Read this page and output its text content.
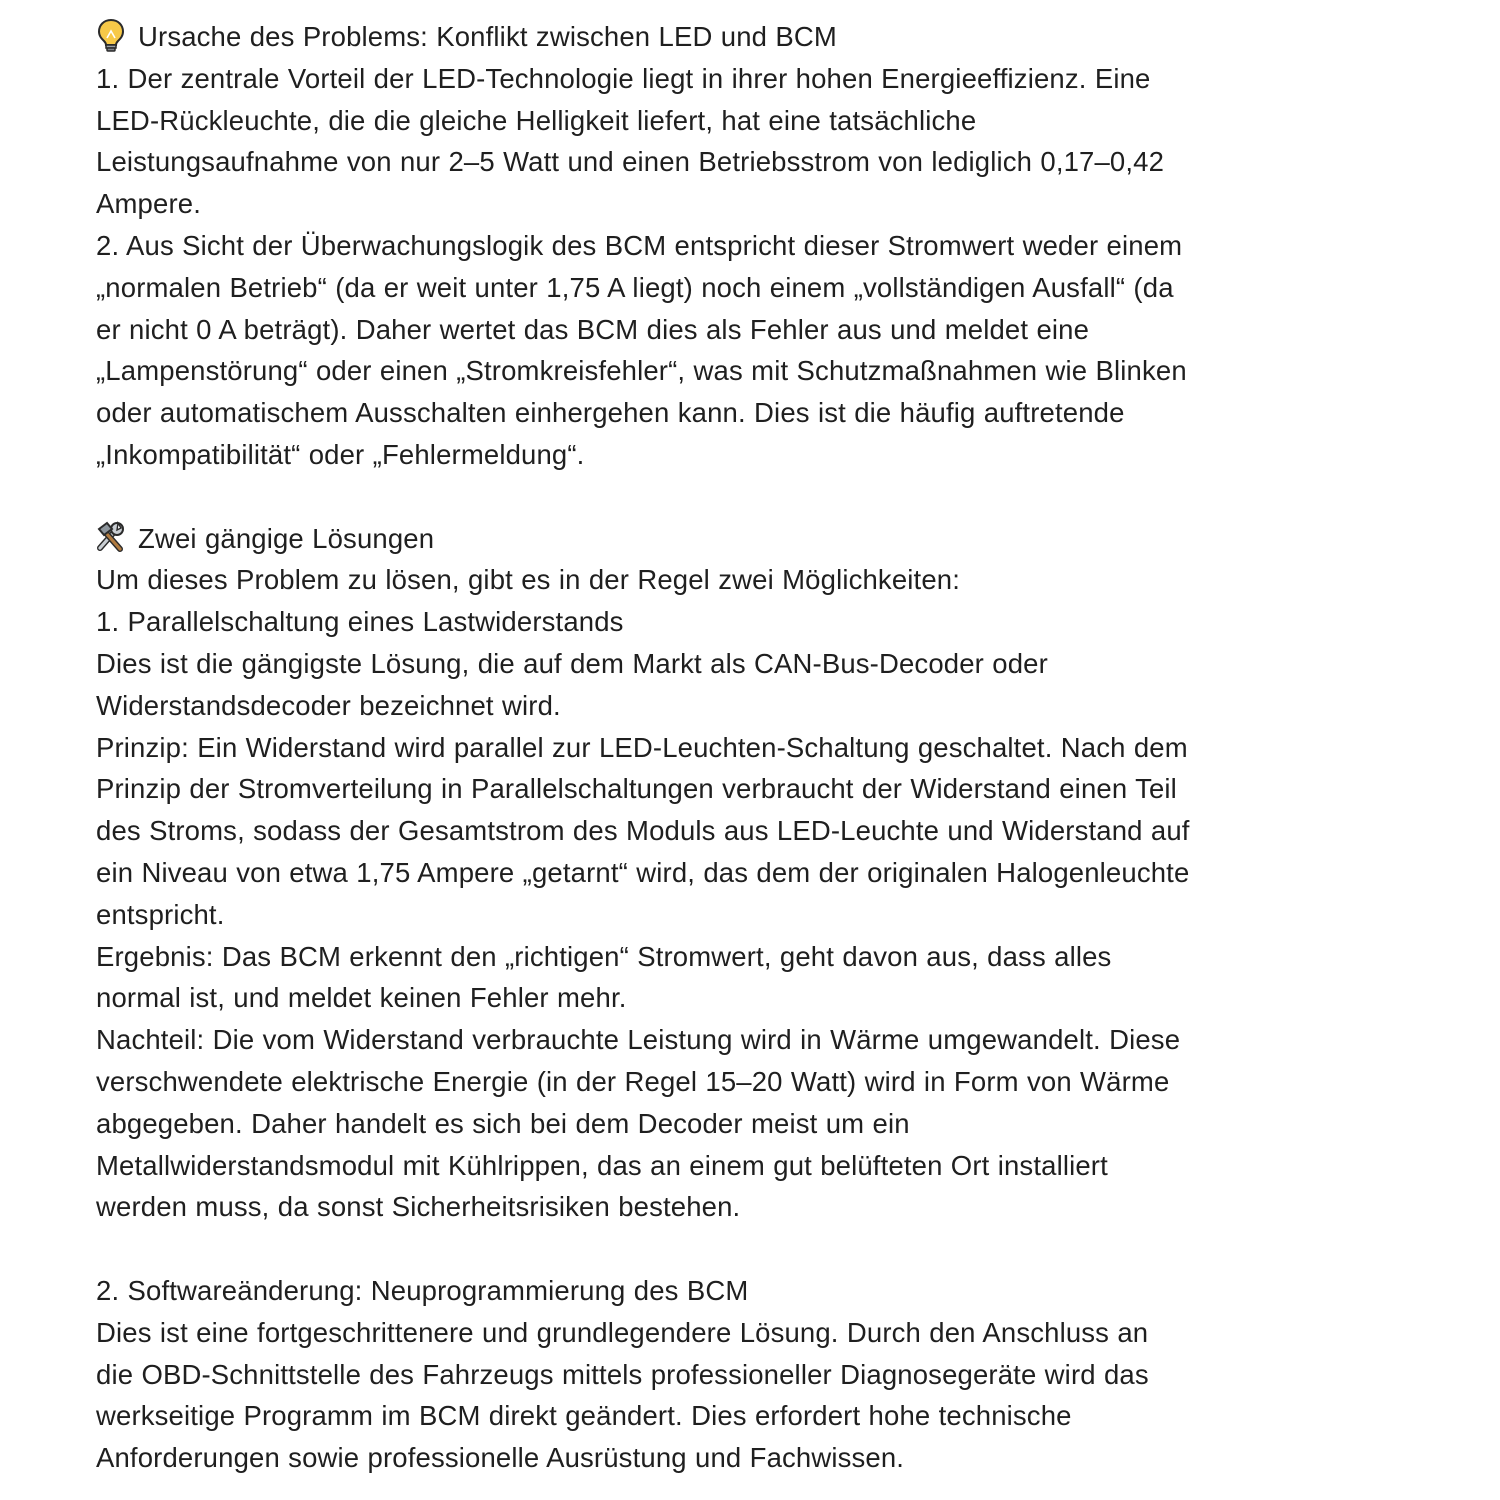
Ursache des Problems: Konflikt zwischen LED und BCM
1. Der zentrale Vorteil der LED-Technologie liegt in ihrer hohen Energieeffizienz. Eine
LED-Rückleuchte, die die gleiche Helligkeit liefert, hat eine tatsächliche
Leistungsaufnahme von nur 2–5 Watt und einen Betriebsstrom von lediglich 0,17–0,42
Ampere.
2. Aus Sicht der Überwachungslogik des BCM entspricht dieser Stromwert weder einem
„normalen Betrieb“ (da er weit unter 1,75 A liegt) noch einem „vollständigen Ausfall“ (da
er nicht 0 A beträgt). Daher wertet das BCM dies als Fehler aus und meldet eine
„Lampenstörung“ oder einen „Stromkreisfehler“, was mit Schutzmaßnahmen wie Blinken
oder automatischem Ausschalten einhergehen kann. Dies ist die häufig auftretende
„Inkompatibilität“ oder „Fehlermeldung“.
Zwei gängige Lösungen
Um dieses Problem zu lösen, gibt es in der Regel zwei Möglichkeiten:
1. Parallelschaltung eines Lastwiderstands
Dies ist die gängigste Lösung, die auf dem Markt als CAN-Bus-Decoder oder
Widerstandsdecoder bezeichnet wird.
Prinzip: Ein Widerstand wird parallel zur LED-Leuchten-Schaltung geschaltet. Nach dem
Prinzip der Stromverteilung in Parallelschaltungen verbraucht der Widerstand einen Teil
des Stroms, sodass der Gesamtstrom des Moduls aus LED-Leuchte und Widerstand auf
ein Niveau von etwa 1,75 Ampere „getarnt“ wird, das dem der originalen Halogenleuchte
entspricht.
Ergebnis: Das BCM erkennt den „richtigen“ Stromwert, geht davon aus, dass alles
normal ist, und meldet keinen Fehler mehr.
Nachteil: Die vom Widerstand verbrauchte Leistung wird in Wärme umgewandelt. Diese
verschwendete elektrische Energie (in der Regel 15–20 Watt) wird in Form von Wärme
abgegeben. Daher handelt es sich bei dem Decoder meist um ein
Metallwiderstandsmodul mit Kühlrippen, das an einem gut belüfteten Ort installiert
werden muss, da sonst Sicherheitsrisiken bestehen.
2. Softwareänderung: Neuprogrammierung des BCM
Dies ist eine fortgeschrittenere und grundlegendere Lösung. Durch den Anschluss an
die OBD-Schnittstelle des Fahrzeugs mittels professioneller Diagnosegeräte wird das
werkseitige Programm im BCM direkt geändert. Dies erfordert hohe technische
Anforderungen sowie professionelle Ausrüstung und Fachwissen.
